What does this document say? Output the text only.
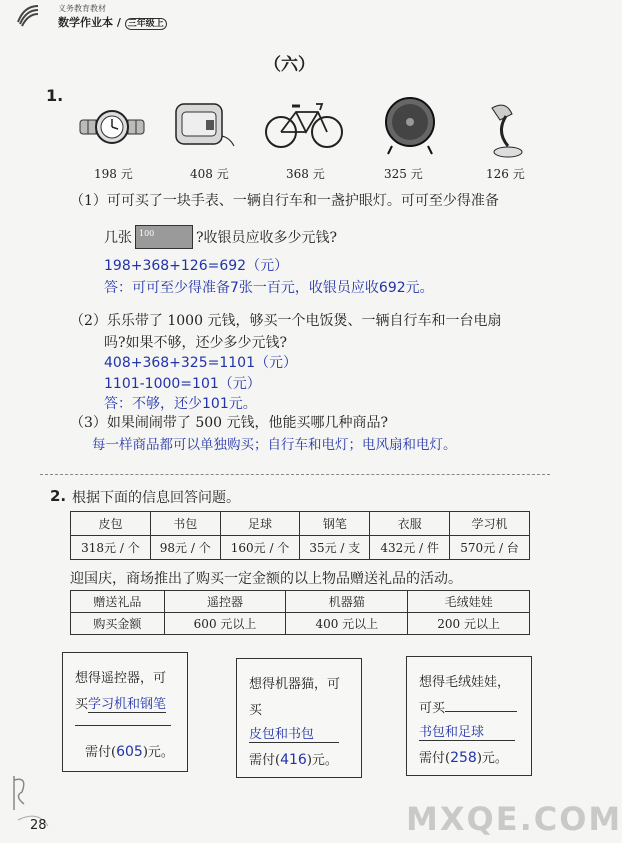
义务教育教材
数学作业本 / 三年级上
（六）
1.
198 元	408 元	368 元	325 元	126 元
（1）可可买了一块手表、一辆自行车和一盏护眼灯。可可至少得准备
几张 100	?收银员应收多少元钱?
198+368+126=692（元）
答：可可至少得准备7张一百元，收银员应收692元。
（2）乐乐带了 1000 元钱，够买一个电饭煲、一辆自行车和一台电扇
吗?如果不够，还少多少元钱?
408+368+325=1101（元）
1101-1000=101（元）
答：不够，还少101元。
（3）如果闹闹带了 500 元钱，他能买哪几种商品?
每一样商品都可以单独购买；自行车和电灯；电风扇和电灯。
2. 根据下面的信息回答问题。
皮包	书包	足球	钢笔	衣服	学习机
318元 / 个	98元 / 个	160元 / 个	35元 / 支	432元 / 件	570元 / 台
迎国庆，商场推出了购买一定金额的以上物品赠送礼品的活动。
赠送礼品	遥控器	机器猫	毛绒娃娃
购买金额	600 元以上	400 元以上	200 元以上
想得遥控器，可
买学习机和钢笔
需付(605)元。
想得机器猫，可
买
皮包和书包
需付(416)元。
想得毛绒娃娃，
可买
书包和足球
需付(258)元。
28	MXQE.COM
